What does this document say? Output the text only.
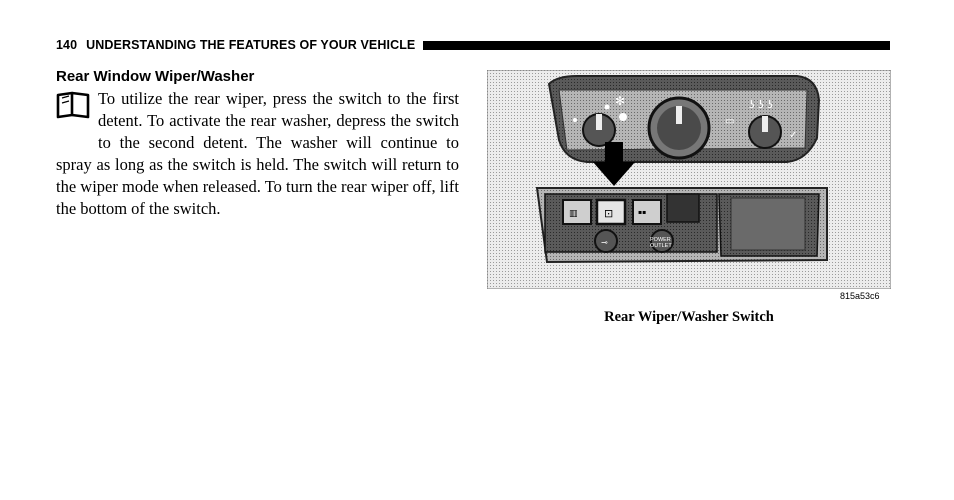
140 UNDERSTANDING THE FEATURES OF YOUR VEHICLE
Rear Window Wiper/Washer

To utilize the rear wiper, press the switch to the first detent. To activate the rear washer, depress the switch to the second detent. The washer will continue to spray as long as the switch is held. The switch will return to the wiper mode when released. To turn the rear wiper off, lift the bottom of the switch.

✻
▭
ʖ ʖ ʖ
✓
▥ ⊡	▪▪
⊸	POWER
OUTLET
815a53c6
Rear Wiper/Washer Switch
